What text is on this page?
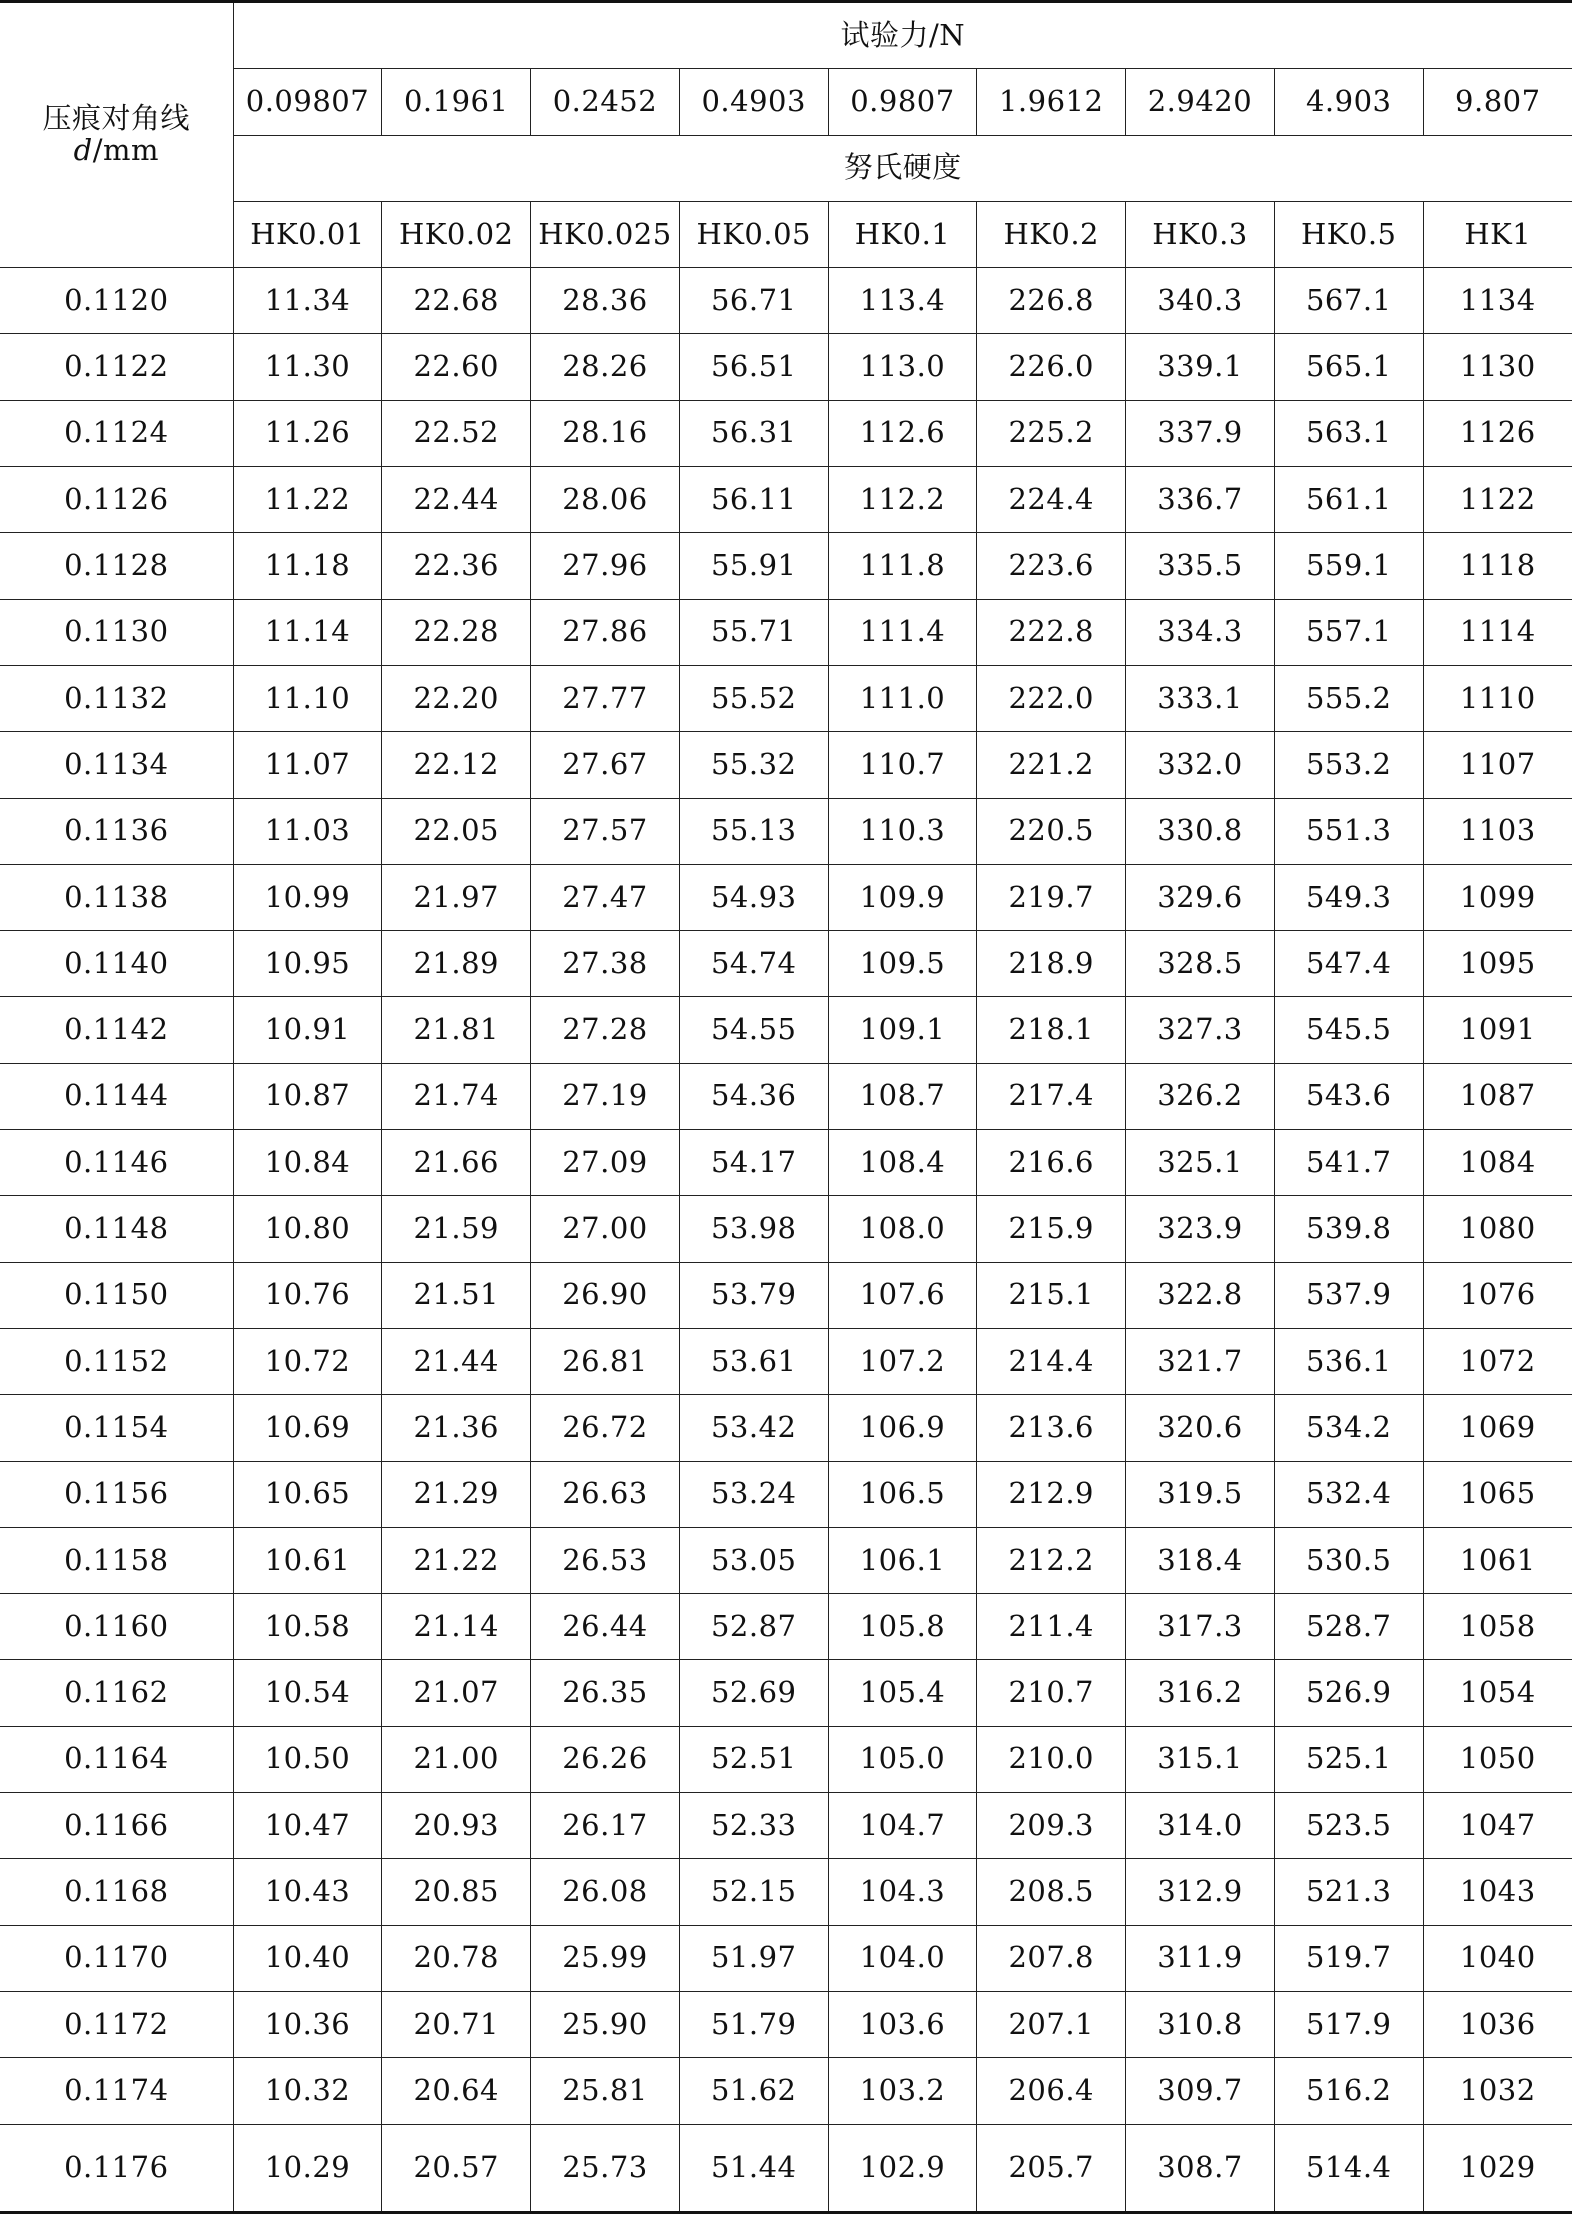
压痕对角线
d/mm	试验力/N								
	0.09807	0.1961	0.2452	0.4903	0.9807	1.9612	2.9420	4.903	9.807
	努氏硬度								
	HK0.01	HK0.02	HK0.025	HK0.05	HK0.1	HK0.2	HK0.3	HK0.5	HK1
0.1120	11.34	22.68	28.36	56.71	113.4	226.8	340.3	567.1	1134
0.1122	11.30	22.60	28.26	56.51	113.0	226.0	339.1	565.1	1130
0.1124	11.26	22.52	28.16	56.31	112.6	225.2	337.9	563.1	1126
0.1126	11.22	22.44	28.06	56.11	112.2	224.4	336.7	561.1	1122
0.1128	11.18	22.36	27.96	55.91	111.8	223.6	335.5	559.1	1118
0.1130	11.14	22.28	27.86	55.71	111.4	222.8	334.3	557.1	1114
0.1132	11.10	22.20	27.77	55.52	111.0	222.0	333.1	555.2	1110
0.1134	11.07	22.12	27.67	55.32	110.7	221.2	332.0	553.2	1107
0.1136	11.03	22.05	27.57	55.13	110.3	220.5	330.8	551.3	1103
0.1138	10.99	21.97	27.47	54.93	109.9	219.7	329.6	549.3	1099
0.1140	10.95	21.89	27.38	54.74	109.5	218.9	328.5	547.4	1095
0.1142	10.91	21.81	27.28	54.55	109.1	218.1	327.3	545.5	1091
0.1144	10.87	21.74	27.19	54.36	108.7	217.4	326.2	543.6	1087
0.1146	10.84	21.66	27.09	54.17	108.4	216.6	325.1	541.7	1084
0.1148	10.80	21.59	27.00	53.98	108.0	215.9	323.9	539.8	1080
0.1150	10.76	21.51	26.90	53.79	107.6	215.1	322.8	537.9	1076
0.1152	10.72	21.44	26.81	53.61	107.2	214.4	321.7	536.1	1072
0.1154	10.69	21.36	26.72	53.42	106.9	213.6	320.6	534.2	1069
0.1156	10.65	21.29	26.63	53.24	106.5	212.9	319.5	532.4	1065
0.1158	10.61	21.22	26.53	53.05	106.1	212.2	318.4	530.5	1061
0.1160	10.58	21.14	26.44	52.87	105.8	211.4	317.3	528.7	1058
0.1162	10.54	21.07	26.35	52.69	105.4	210.7	316.2	526.9	1054
0.1164	10.50	21.00	26.26	52.51	105.0	210.0	315.1	525.1	1050
0.1166	10.47	20.93	26.17	52.33	104.7	209.3	314.0	523.5	1047
0.1168	10.43	20.85	26.08	52.15	104.3	208.5	312.9	521.3	1043
0.1170	10.40	20.78	25.99	51.97	104.0	207.8	311.9	519.7	1040
0.1172	10.36	20.71	25.90	51.79	103.6	207.1	310.8	517.9	1036
0.1174	10.32	20.64	25.81	51.62	103.2	206.4	309.7	516.2	1032
0.1176	10.29	20.57	25.73	51.44	102.9	205.7	308.7	514.4	1029
